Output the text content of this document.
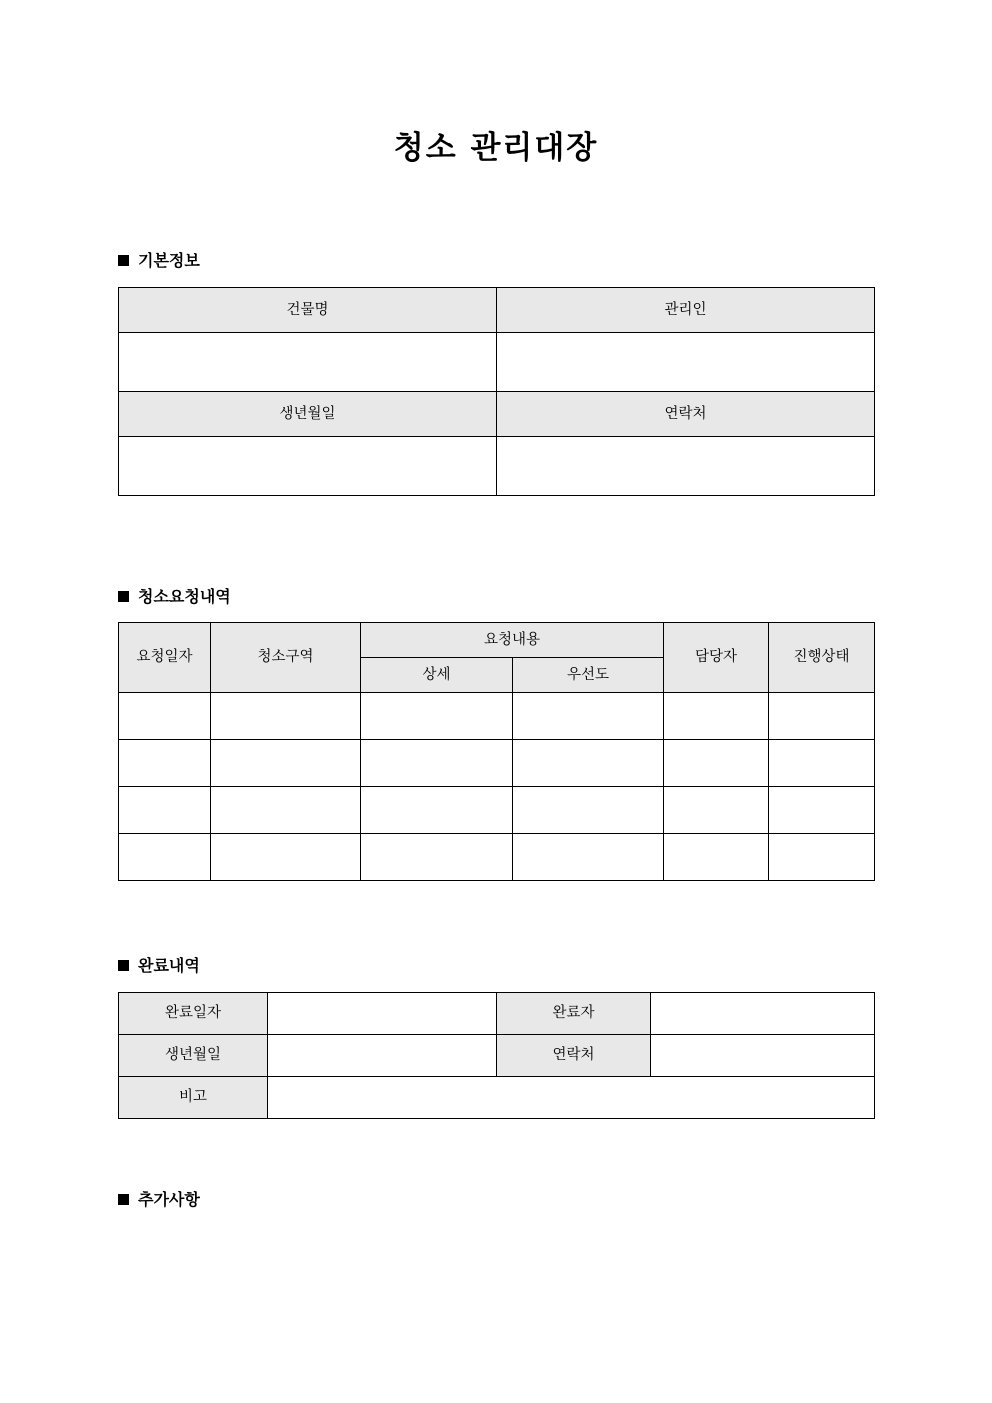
청소 관리대장
기본정보
건물명	관리인

생년월일	연락처

청소요청내역
요청일자	청소구역	요청내용		담당자	진행상태
		상세	우선도		

완료내역
완료일자		완료자	
생년월일		연락처	
비고			
추가사항
